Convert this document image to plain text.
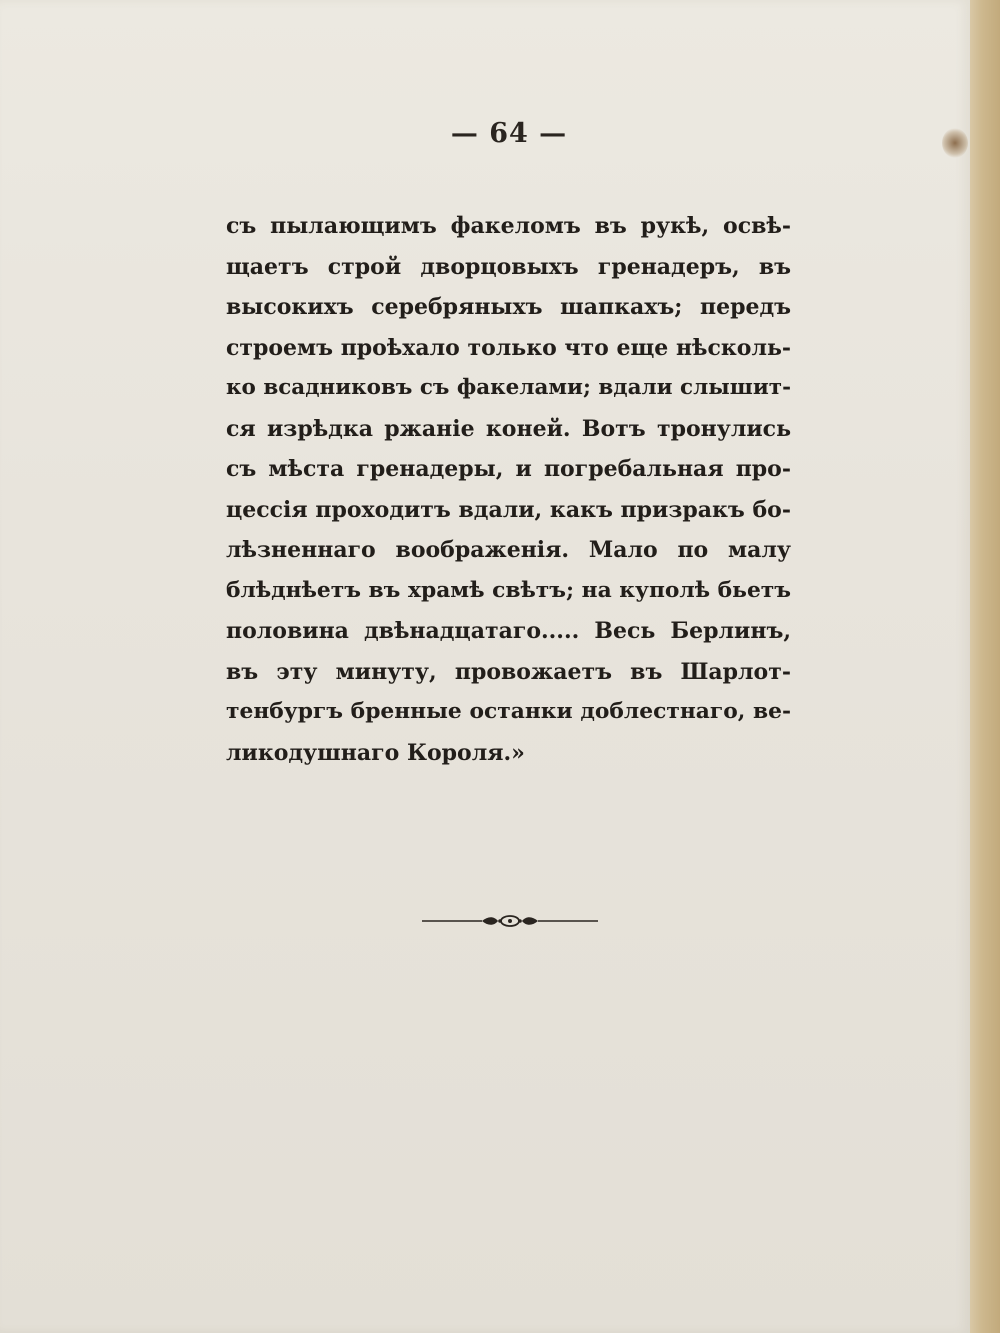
— 64 —
съ пылающимъ факеломъ въ рукѣ, освѣ-
щаетъ строй дворцовыхъ гренадеръ, въ
высокихъ серебряныхъ шапкахъ; передъ
строемъ проѣхало только что еще нѣсколь-
ко всадниковъ съ факелами; вдали слышит-
ся изрѣдка ржаніе коней. Вотъ тронулись
съ мѣста гренадеры, и погребальная про-
цессія проходитъ вдали, какъ призракъ бо-
лѣзненнаго воображенія. Мало по малу
блѣднѣетъ въ храмѣ свѣтъ; на куполѣ бьетъ
половина двѣнадцатаго..... Весь Берлинъ,
въ эту минуту, провожаетъ въ Шарлот-
тенбургъ бренные останки доблестнаго, ве-
ликодушнаго Короля.»
